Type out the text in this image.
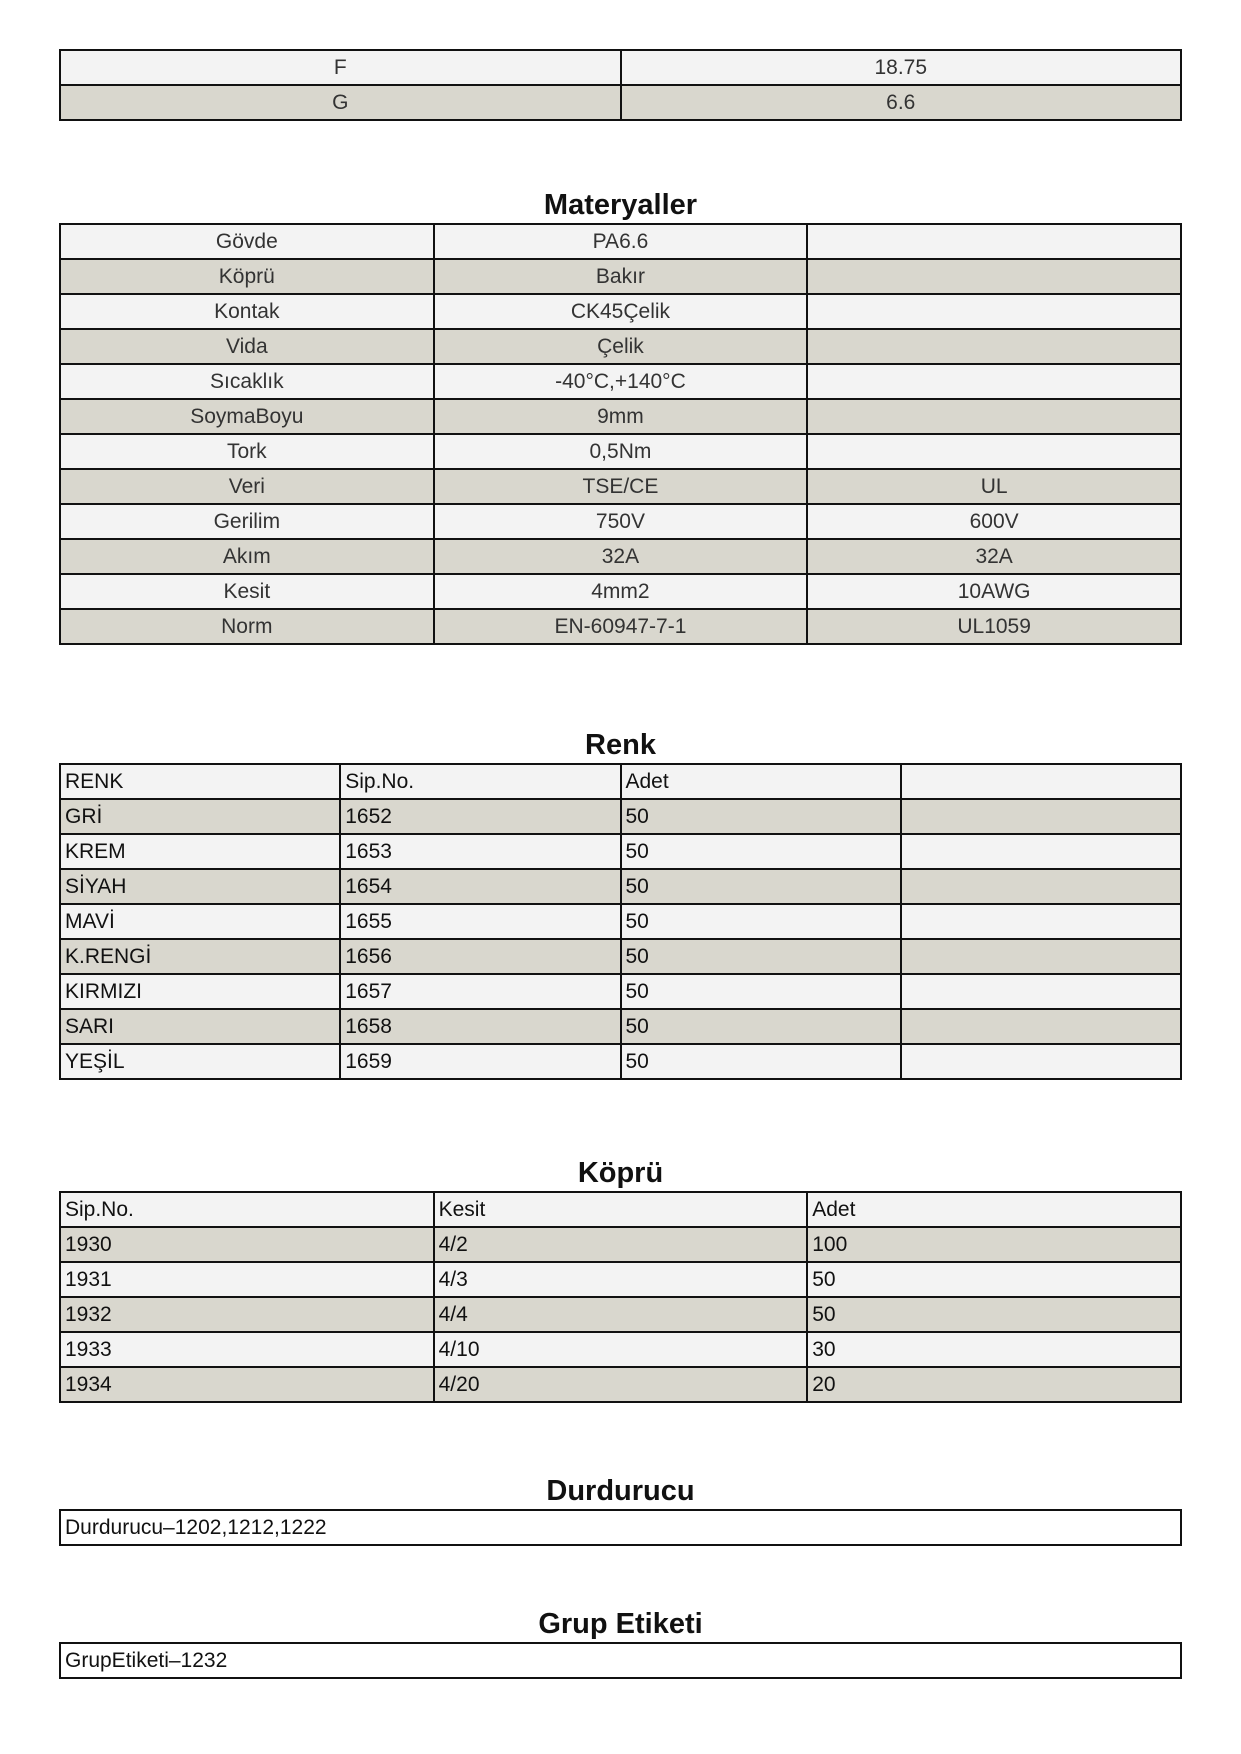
F	18.75
G	6.6
Materyaller
Gövde	PA6.6	
Köprü	Bakır	
Kontak	CK45Çelik	
Vida	Çelik	
Sıcaklık	-40°C,+140°C	
SoymaBoyu	9mm	
Tork	0,5Nm	
Veri	TSE/CE	UL
Gerilim	750V	600V
Akım	32A	32A
Kesit	4mm2	10AWG
Norm	EN-60947-7-1	UL1059
Renk
RENK	Sip.No.	Adet	
GRİ	1652	50	
KREM	1653	50	
SİYAH	1654	50	
MAVİ	1655	50	
K.RENGİ	1656	50	
KIRMIZI	1657	50	
SARI	1658	50	
YEŞİL	1659	50	
Köprü
Sip.No.	Kesit	Adet
1930	4/2	100
1931	4/3	50
1932	4/4	50
1933	4/10	30
1934	4/20	20
Durdurucu
Durdurucu–1202,1212,1222
Grup Etiketi
GrupEtiketi–1232
